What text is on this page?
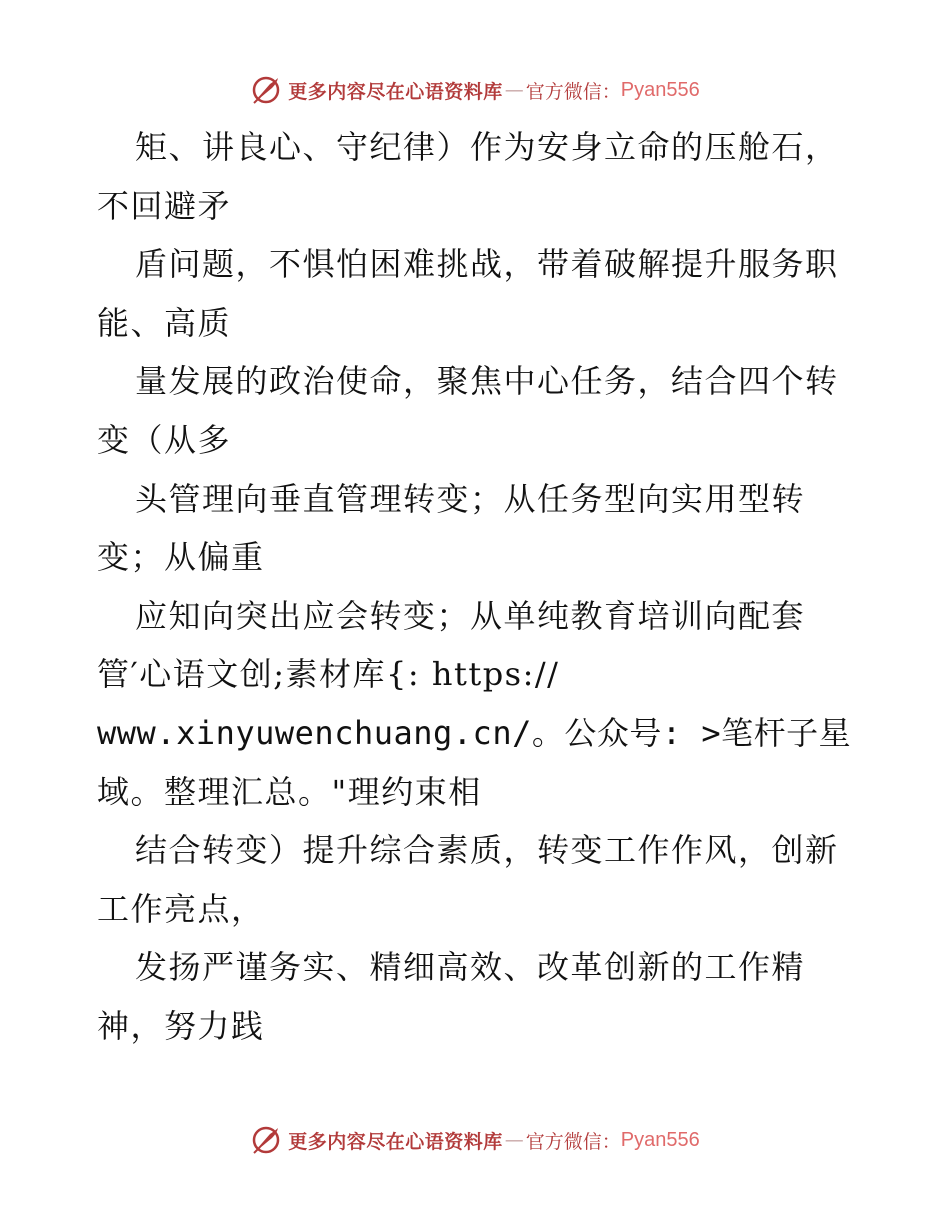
更多内容尽在心语资料库 — 官方微信： Pyan556
矩、讲良心、守纪律）作为安身立命的压舱石，
不回避矛
盾问题，不惧怕困难挑战，带着破解提升服务职
能、高质
量发展的政治使命，聚焦中心任务，结合四个转
变（从多
头管理向垂直管理转变；从任务型向实用型转
变；从偏重
应知向突出应会转变；从单纯教育培训向配套
管′心语文创;素材库{: https://
www.xinyuwenchuang.cn/。公众号: >笔杆子星
域。整理汇总。"理约束相
结合转变）提升综合素质，转变工作作风，创新
工作亮点，
发扬严谨务实、精细高效、改革创新的工作精
神，努力践
更多内容尽在心语资料库 — 官方微信： Pyan556
